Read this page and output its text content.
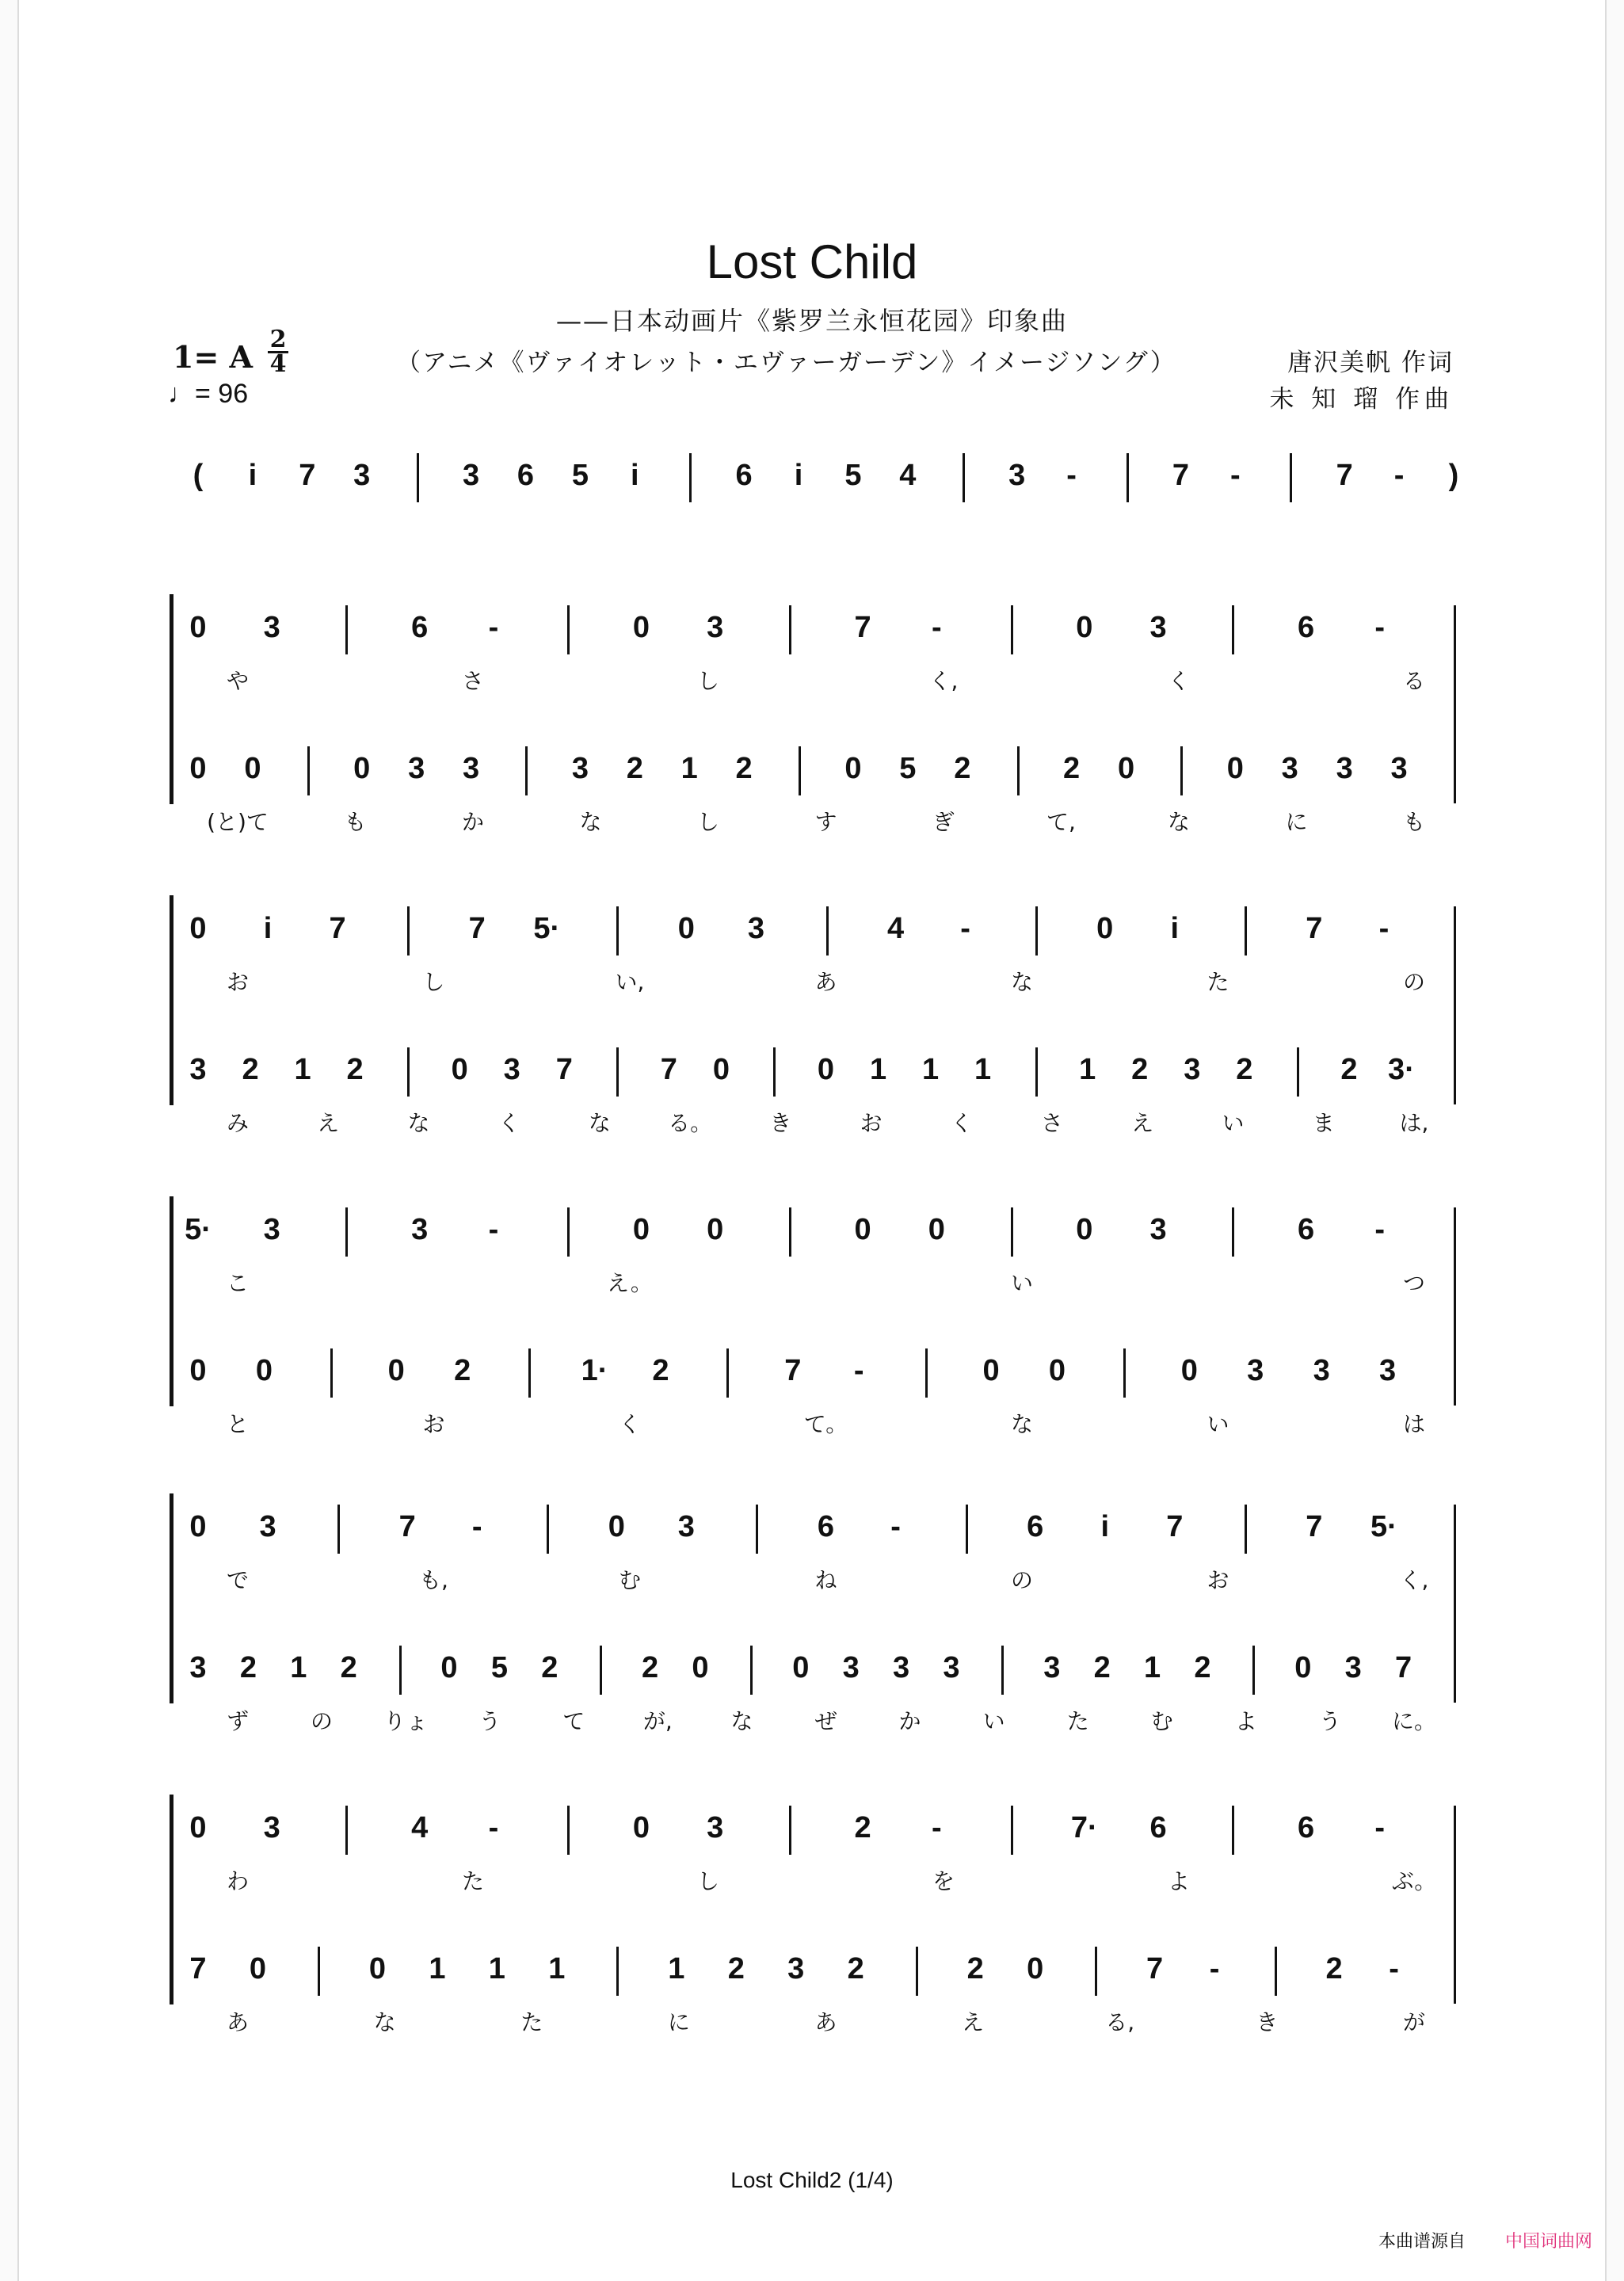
Lost Child
——日本动画片《紫罗兰永恒花园》印象曲
1= A 2
4
♩= 96
（アニメ《ヴァイオレット・エヴァーガーデン》イメージソング）	唐沢美帆 作词
未 知 瑠 作曲
( i 7 3	3 6 5 i	6 i 5 4	3 -	7 -	7 - )
0 3	6 -	0 3	7 -	0 3	6 -
や	さ	し	く,	く	る
0 0	0 3 3	3 2 1 2	0 5 2	2 0	0 3 3 3
(と)て	も	か	な	し	す	ぎ	て,	な	に	も
0 i 7	7 5·	0 3	4 -	0 i	7 -
お	し	い,	あ	な	た	の
3 2 1 2	0 3 7	7 0	0 1 1 1	1 2 3 2	2 3·
み	え	な	く	な	る。	き	お	く	さ	え	い	ま	は,
5· 3	3 -	0 0	0 0	0 3	6 -
こ	え。	い	つ
0 0	0 2	1· 2	7 -	0 0	0 3 3 3
と	お	く	て。	な	い	は
0 3	7 -	0 3	6 -	6 i 7	7 5·
で	も,	む	ね	の	お	く,
3 2 1 2	0 5 2	2 0	0 3 3 3	3 2 1 2	0 3 7
ず	の りょ う	て	が,	な	ぜ	か	い	た	む	よ	う に。
0 3	4 -	0 3	2 -	7· 6	6 -
わ	た	し	を	よ	ぶ。
7 0	0 1 1 1	1 2 3 2	2 0	7 -	2 -
あ	な	た	に	あ	え	る,	き	が
Lost Child2 (1/4)
本曲谱源自 中国词曲网
